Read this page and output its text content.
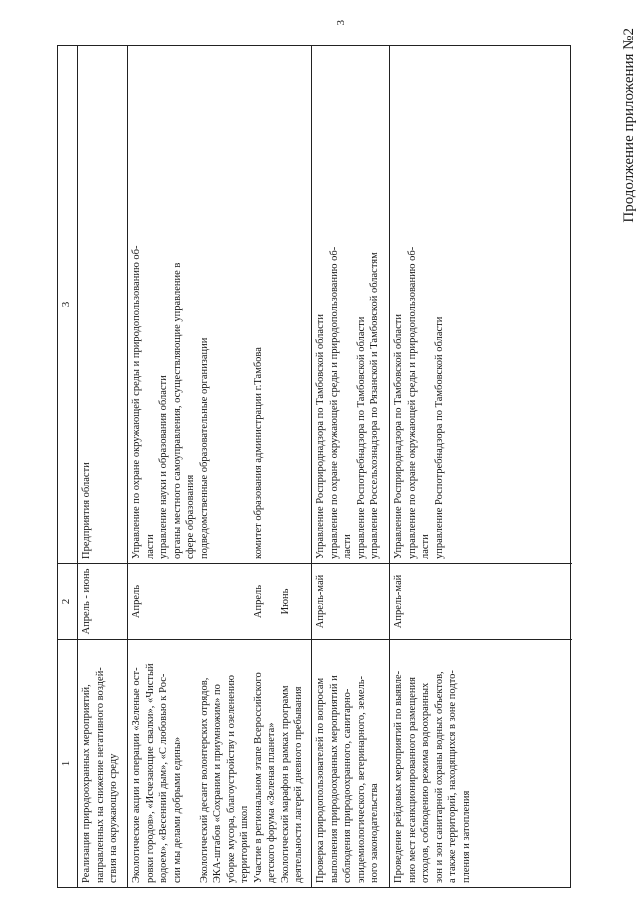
Продолжение приложения №2
3
1
2
3
Реализация природоохранных мероприятий, направленных на снижение негативного воздей- ствия на окружающую среду
Апрель - июнь
Предприятия области
Экологические акции и операции «Зеленые ост- ровки городов», «Исчезающие свалки», «Чистый водоем», «Весенний дым», «С любовью к Рос- сии мы делами добрыми едины» Экологический десант волонтерских отрядов, ЭКА-штабов «Сохраним и приумножим» по уборке мусора, благоустройству и озеленению территорий школ Участие в региональном этапе Всероссийского детского форума «Зеленая планета» Экологический марафон в рамках программ деятельности лагерей дневного пребывания
Апрель	Апрель Июнь
Управление по охране окружающей среды и природопользованию об- ласти управление науки и образования области органы местного самоуправления, осуществляющие управление в сфере образования подведомственные образовательные организации	комитет образования администрации г.Тамбова
Проверка природопользователей по вопросам выполнения природоохранных мероприятий и соблюдения природоохранного, санитарно- эпидемиологического, ветеринарного, земель- ного законодательства
Апрель-май
Управление Росприроднадзора по Тамбовской области управление по охране окружающей среды и природопользованию об- ласти управление Роспотребнадзора по Тамбовской области управление Россельхознадзора по Рязанской и Тамбовской областям
Проведение рейдовых мероприятий по выявле- нию мест несанкционированного размещения отходов, соблюдению режима водоохранных зон и зон санитарной охраны водных объектов, а также территорий, находящихся в зоне подто- пления и затопления
Апрель-май
Управление Росприроднадзора по Тамбовской области управление по охране окружающей среды и природопользованию об- ласти управление Роспотребнадзора по Тамбовской области
